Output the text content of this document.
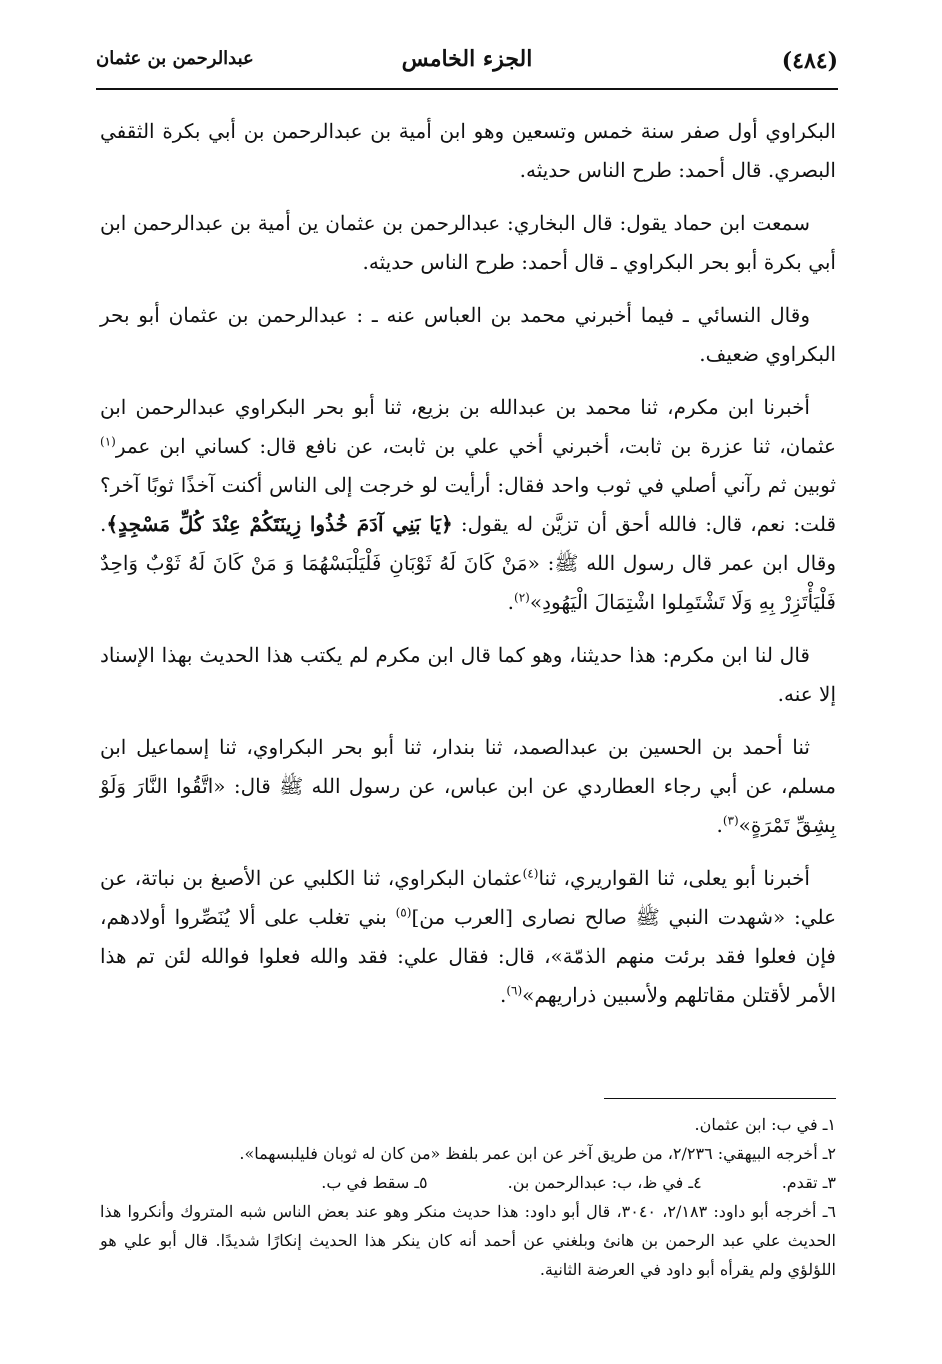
(٤٨٤)
الجزء الخامس
عبدالرحمن بن عثمان

البكراوي أول صفر سنة خمس وتسعين وهو ابن أمية بن عبدالرحمن بن أبي بكرة الثقفي البصري. قال أحمد: طرح الناس حديثه.

سمعت ابن حماد يقول: قال البخاري: عبدالرحمن بن عثمان ين أمية بن عبدالرحمن ابن أبي بكرة أبو بحر البكراوي ـ قال أحمد: طرح الناس حديثه.

وقال النسائي ـ فيما أخبرني محمد بن العباس عنه ـ : عبدالرحمن بن عثمان أبو بحر البكراوي ضعيف.

أخبرنا ابن مكرم، ثنا محمد بن عبدالله بن بزيع، ثنا أبو بحر البكراوي عبدالرحمن ابن عثمان، ثنا عزرة بن ثابت، أخبرني أخي علي بن ثابت، عن نافع قال: كساني ابن عمر$^{(١)}$ ثوبين ثم رآني أصلي في ثوب واحد فقال: أرأيت لو خرجت إلى الناس أكنت آخذًا ثوبًا آخر؟ قلت: نعم، قال: فالله أحق أن تزيَّن له يقول: ﴿يَا بَنِي آدَمَ خُذُوا زِينَتَكُمْ عِنْدَ كُلِّ مَسْجِدٍ﴾. وقال ابن عمر قال رسول الله ﷺ: «مَنْ كَانَ لَهُ ثَوْبَانِ فَلْيَلْبَسْهُمَا وَ مَنْ كَانَ لَهُ ثَوْبٌ وَاحِدٌ فَلْيَأْتَزِرْ بِهِ وَلَا تَشْتَمِلوا اشْتِمَالَ الْيَهُودِ»$^{(٢)}$.

قال لنا ابن مكرم: هذا حديثنا، وهو كما قال ابن مكرم لم يكتب هذا الحديث بهذا الإسناد إلا عنه.

ثنا أحمد بن الحسين بن عبدالصمد، ثنا بندار، ثنا أبو بحر البكراوي، ثنا إسماعيل ابن مسلم، عن أبي رجاء العطاردي عن ابن عباس، عن رسول الله ﷺ قال: «اتَّقُوا النَّارَ وَلَوْ بِشِقِّ تَمْرَةٍ»$^{(٣)}$.

أخبرنا أبو يعلى، ثنا القواريري، ثنا$^{(٤)}$عثمان البكراوي، ثنا الكلبي عن الأصبغ بن نباتة، عن علي: «شهدت النبي ﷺ صالح نصارى [العرب من]$^{(٥)}$ بني تغلب على ألا يُنَصِّروا أولادهم، فإن فعلوا فقد برئت منهم الذمّة»، قال: فقال علي: فقد والله فعلوا فوالله لئن تم هذا الأمر لأقتلن مقاتلهم ولأسبين ذراريهم»$^{(٦)}$.

١ـ في ب: ابن عثمان.

٢ـ أخرجه البيهقي: ٢/٢٣٦، من طريق آخر عن ابن عمر بلفظ «من كان له ثوبان فليلبسهما».

٣ـ تقدم.
٤ـ في ظ، ب: عبدالرحمن بن.
٥ـ سقط في ب.

٦ـ أخرجه أبو داود: ٢/١٨٣، ٣٠٤٠، قال أبو داود: هذا حديث منكر وهو عند بعض الناس شبه المتروك وأنكروا هذا الحديث علي عبد الرحمن بن هانئ وبلغني عن أحمد أنه كان ينكر هذا الحديث إنكارًا شديدًا. قال أبو علي هو اللؤلؤي ولم يقرأه أبو داود في العرضة الثانية.
